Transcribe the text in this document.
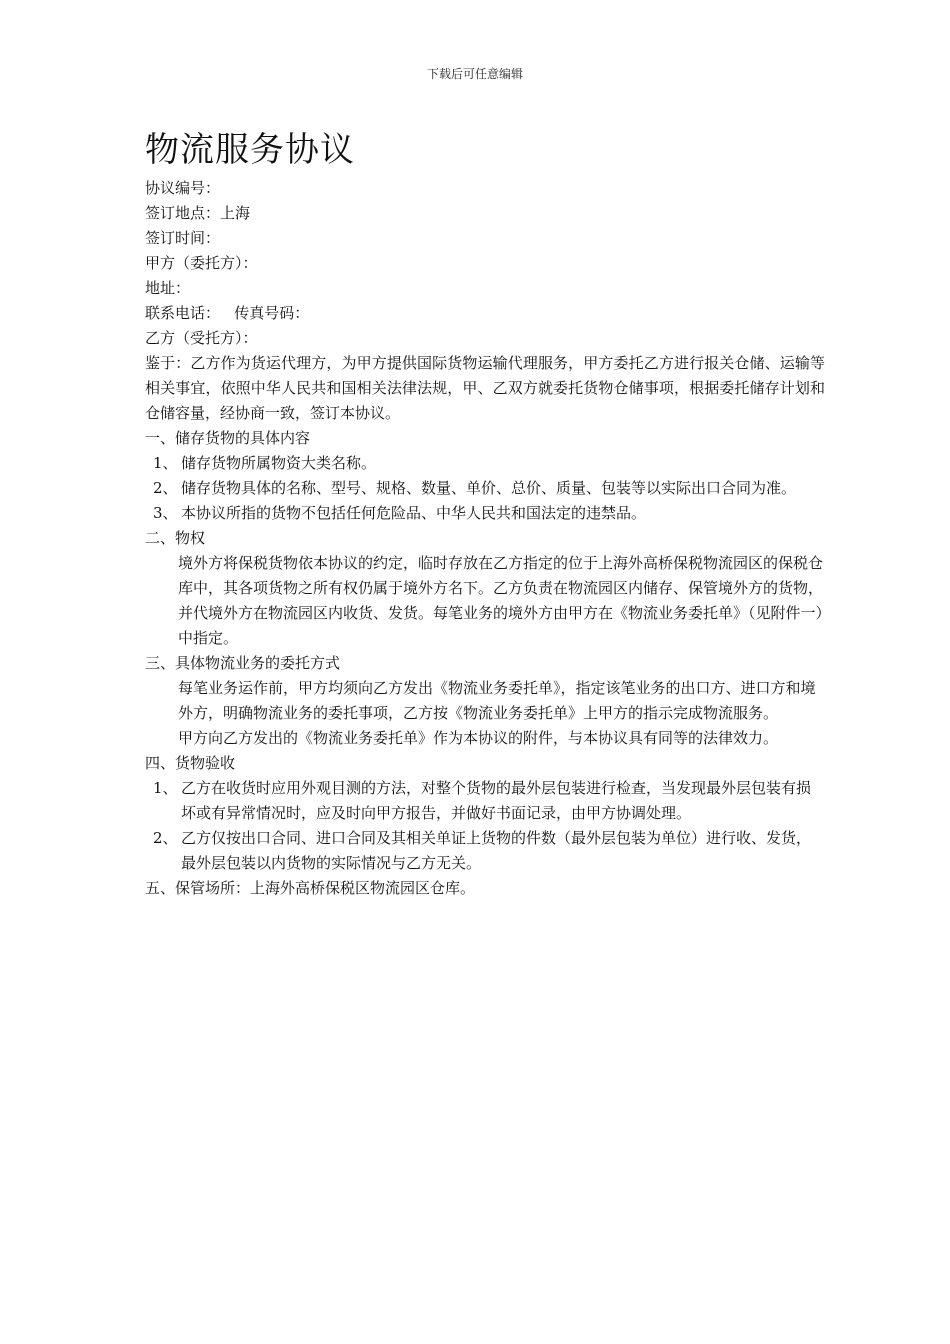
下载后可任意编辑
物流服务协议

协议编号：

签订地点：上海

签订时间：

甲方（委托方）：

地址：

联系电话：   传真号码：

乙方（受托方）：

鉴于：乙方作为货运代理方，为甲方提供国际货物运输代理服务，甲方委托乙方进行报关仓储、运输等相关事宜，依照中华人民共和国相关法律法规，甲、乙双方就委托货物仓储事项，根据委托储存计划和仓储容量，经协商一致，签订本协议。

一、储存货物的具体内容

1、 储存货物所属物资大类名称。
2、 储存货物具体的名称、型号、规格、数量、单价、总价、质量、包装等以实际出口合同为准。
3、 本协议所指的货物不包括任何危险品、中华人民共和国法定的违禁品。

二、物权

境外方将保税货物依本协议的约定，临时存放在乙方指定的位于上海外高桥保税物流园区的保税仓库中，其各项货物之所有权仍属于境外方名下。乙方负责在物流园区内储存、保管境外方的货物，并代境外方在物流园区内收货、发货。每笔业务的境外方由甲方在《物流业务委托单》（见附件一）中指定。

三、具体物流业务的委托方式

每笔业务运作前，甲方均须向乙方发出《物流业务委托单》，指定该笔业务的出口方、进口方和境外方，明确物流业务的委托事项，乙方按《物流业务委托单》上甲方的指示完成物流服务。

甲方向乙方发出的《物流业务委托单》作为本协议的附件，与本协议具有同等的法律效力。

四、货物验收

1、 乙方在收货时应用外观目测的方法，对整个货物的最外层包装进行检查，当发现最外层包装有损坏或有异常情况时，应及时向甲方报告，并做好书面记录，由甲方协调处理。
2、 乙方仅按出口合同、进口合同及其相关单证上货物的件数（最外层包装为单位）进行收、发货，最外层包装以内货物的实际情况与乙方无关。

五、保管场所：上海外高桥保税区物流园区仓库。
